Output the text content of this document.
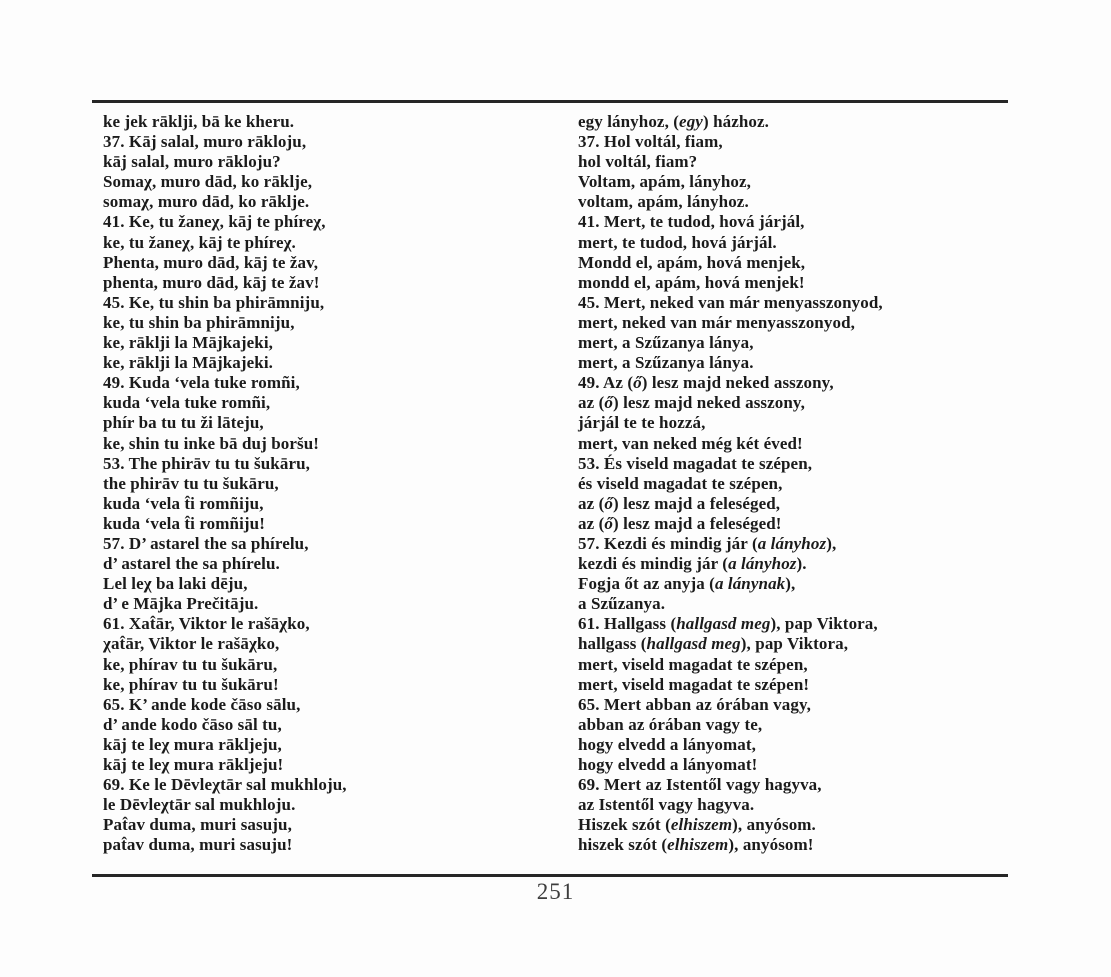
ke jek rāklji, bā ke kheru.
37. Kāj salal, muro rākloju,
kāj salal, muro rākloju?
Somaχ, muro dād, ko rāklje,
somaχ, muro dād, ko rāklje.
41. Ke, tu žaneχ, kāj te phíreχ,
ke, tu žaneχ, kāj te phíreχ.
Phenta, muro dād, kāj te žav,
phenta, muro dād, kāj te žav!
45. Ke, tu shin ba phirāmniju,
ke, tu shin ba phirāmniju,
ke, rāklji la Mājkajeki,
ke, rāklji la Mājkajeki.
49. Kuda ‘vela tuke romñi,
kuda ‘vela tuke romñi,
phír ba tu tu ži lāteju,
ke, shin tu inke bā duj boršu!
53. The phirāv tu tu šukāru,
the phirāv tu tu šukāru,
kuda ‘vela t̂i romñiju,
kuda ‘vela t̂i romñiju!
57. D’ astarel the sa phírelu,
d’ astarel the sa phírelu.
Lel leχ ba laki dēju,
d’ e Mājka Prečitāju.
61. Xat̂ār, Viktor le rašāχko,
χat̂ār, Viktor le rašāχko,
ke, phírav tu tu šukāru,
ke, phírav tu tu šukāru!
65. K’ ande kode čāso sālu,
d’ ande kodo čāso sāl tu,
kāj te leχ mura rākljeju,
kāj te leχ mura rākljeju!
69. Ke le Dēvleχtār sal mukhloju,
le Dēvleχtār sal mukhloju.
Pat̂av duma, muri sasuju,
pat̂av duma, muri sasuju!
egy lányhoz, (egy) házhoz.
37. Hol voltál, fiam,
hol voltál, fiam?
Voltam, apám, lányhoz,
voltam, apám, lányhoz.
41. Mert, te tudod, hová járjál,
mert, te tudod, hová járjál.
Mondd el, apám, hová menjek,
mondd el, apám, hová menjek!
45. Mert, neked van már menyasszonyod,
mert, neked van már menyasszonyod,
mert, a Szűzanya lánya,
mert, a Szűzanya lánya.
49. Az (ő) lesz majd neked asszony,
az (ő) lesz majd neked asszony,
járjál te te hozzá,
mert, van neked még két éved!
53. És viseld magadat te szépen,
és viseld magadat te szépen,
az (ő) lesz majd a feleséged,
az (ő) lesz majd a feleséged!
57. Kezdi és mindig jár (a lányhoz),
kezdi és mindig jár (a lányhoz).
Fogja őt az anyja (a lánynak),
a Szűzanya.
61. Hallgass (hallgasd meg), pap Viktora,
hallgass (hallgasd meg), pap Viktora,
mert, viseld magadat te szépen,
mert, viseld magadat te szépen!
65. Mert abban az órában vagy,
abban az órában vagy te,
hogy elvedd a lányomat,
hogy elvedd a lányomat!
69. Mert az Istentől vagy hagyva,
az Istentől vagy hagyva.
Hiszek szót (elhiszem), anyósom.
hiszek szót (elhiszem), anyósom!
251
